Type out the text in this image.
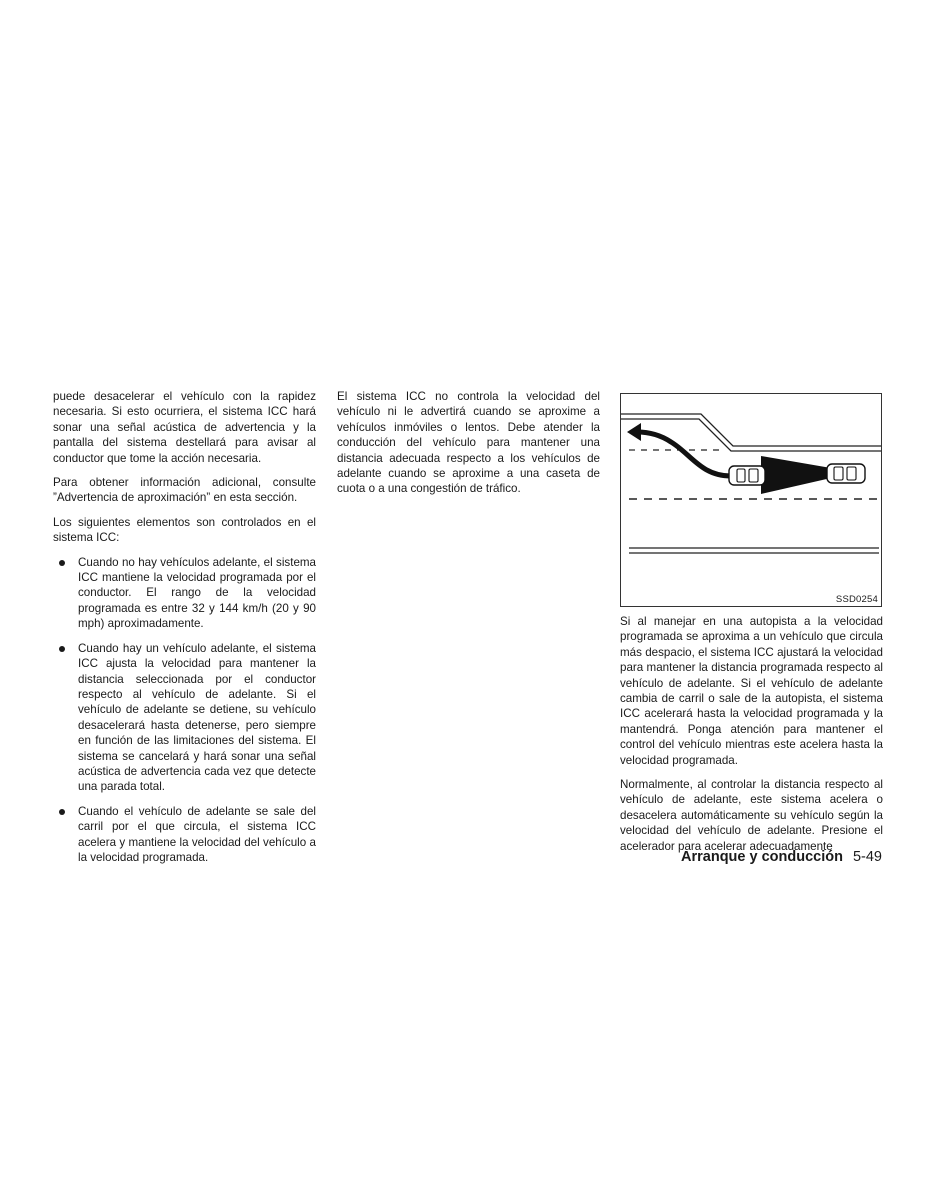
puede desacelerar el vehículo con la rapidez necesaria. Si esto ocurriera, el sistema ICC hará sonar una señal acústica de advertencia y la pantalla del sistema destellará para avisar al conductor que tome la acción necesaria.

Para obtener información adicional, consulte ”Advertencia de aproximación” en esta sección.

Los siguientes elementos son controlados en el sistema ICC:

Cuando no hay vehículos adelante, el sistema ICC mantiene la velocidad programada por el conductor. El rango de la velocidad programada es entre 32 y 144 km/h (20 y 90 mph) aproximadamente.
Cuando hay un vehículo adelante, el sistema ICC ajusta la velocidad para mantener la distancia seleccionada por el conductor respecto al vehículo de adelante. Si el vehículo de adelante se detiene, su vehículo desacelerará hasta detenerse, pero siempre en función de las limitaciones del sistema. El sistema se cancelará y hará sonar una señal acústica de advertencia cada vez que detecte una parada total.
Cuando el vehículo de adelante se sale del carril por el que circula, el sistema ICC acelera y mantiene la velocidad del vehículo a la velocidad programada.

El sistema ICC no controla la velocidad del vehículo ni le advertirá cuando se aproxime a vehículos inmóviles o lentos. Debe atender la conducción del vehículo para mantener una distancia adecuada respecto a los vehículos de adelante cuando se aproxime a una caseta de cuota o a una congestión de tráfico.

SSD0254

Si al manejar en una autopista a la velocidad programada se aproxima a un vehículo que circula más despacio, el sistema ICC ajustará la velocidad para mantener la distancia programada respecto al vehículo de adelante. Si el vehículo de adelante cambia de carril o sale de la autopista, el sistema ICC acelerará hasta la velocidad programada y la mantendrá. Ponga atención para mantener el control del vehículo mientras este acelera hasta la velocidad programada.

Normalmente, al controlar la distancia respecto al vehículo de adelante, este sistema acelera o desacelera automáticamente su vehículo según la velocidad del vehículo de adelante. Presione el acelerador para acelerar adecuadamente

Arranque y conducción 5-49
